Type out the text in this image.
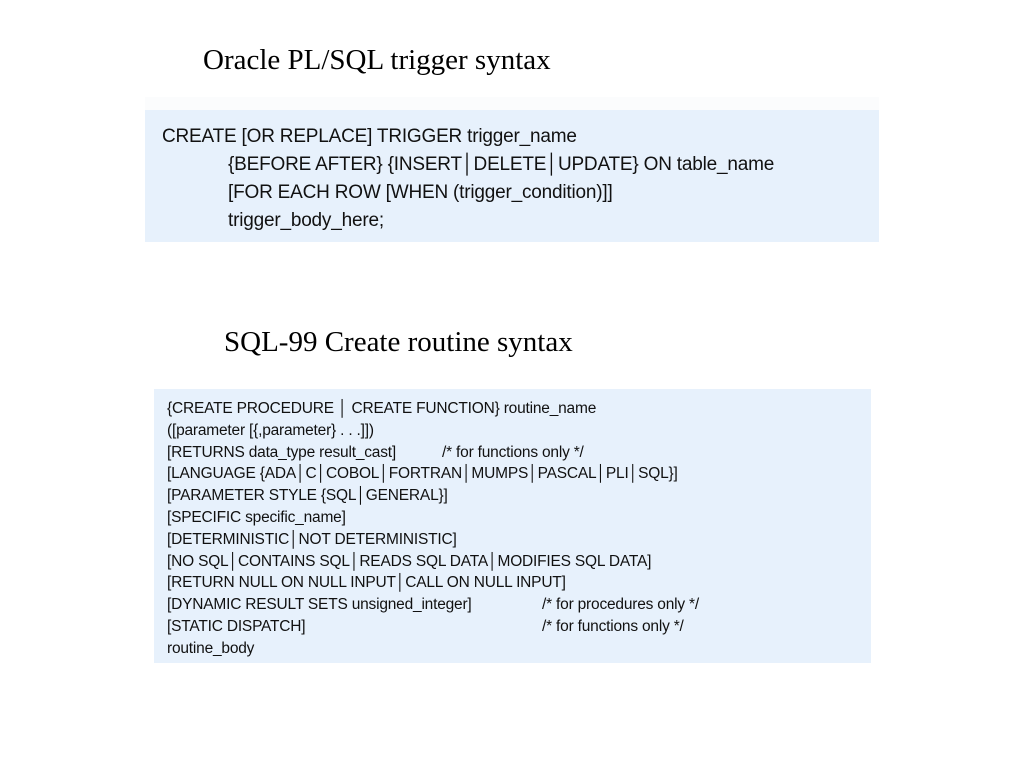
Oracle PL/SQL trigger syntax
CREATE [OR REPLACE] TRIGGER trigger_name
{BEFORE AFTER} {INSERT│DELETE│UPDATE} ON table_name
[FOR EACH ROW [WHEN (trigger_condition)]]
trigger_body_here;
SQL-99 Create routine syntax
{CREATE PROCEDURE │ CREATE FUNCTION} routine_name
([parameter [{,parameter} . . .]])
[RETURNS data_type result_cast]	/* for functions only */
[LANGUAGE {ADA│C│COBOL│FORTRAN│MUMPS│PASCAL│PLI│SQL}]
[PARAMETER STYLE {SQL│GENERAL}]
[SPECIFIC specific_name]
[DETERMINISTIC│NOT DETERMINISTIC]
[NO SQL│CONTAINS SQL│READS SQL DATA│MODIFIES SQL DATA]
[RETURN NULL ON NULL INPUT│CALL ON NULL INPUT]
[DYNAMIC RESULT SETS unsigned_integer]	/* for procedures only */
[STATIC DISPATCH]	/* for functions only */
routine_body
